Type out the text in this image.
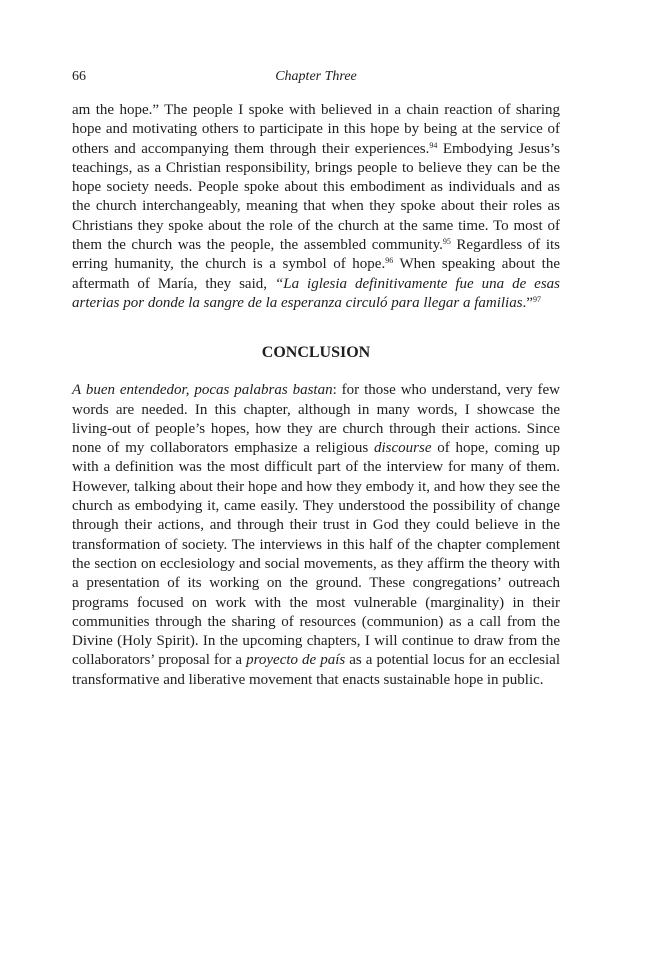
66	Chapter Three

am the hope.” The people I spoke with believed in a chain reaction of sharing hope and motivating others to participate in this hope by being at the service of others and accompanying them through their experiences.$^{94}$ Embodying Jesus’s teachings, as a Christian responsibility, brings people to believe they can be the hope society needs. People spoke about this embodiment as individuals and as the church interchangeably, meaning that when they spoke about their roles as Christians they spoke about the role of the church at the same time. To most of them the church was the people, the assembled community.$^{95}$ Regardless of its erring humanity, the church is a symbol of hope.$^{96}$ When speaking about the aftermath of María, they said, “La iglesia definitivamente fue una de esas arterias por donde la sangre de la esperanza circuló para llegar a familias.”$^{97}$

CONCLUSION

A buen entendedor, pocas palabras bastan: for those who understand, very few words are needed. In this chapter, although in many words, I showcase the living-out of people’s hopes, how they are church through their actions. Since none of my collaborators emphasize a religious discourse of hope, coming up with a definition was the most difficult part of the interview for many of them. However, talking about their hope and how they embody it, and how they see the church as embodying it, came easily. They understood the possibility of change through their actions, and through their trust in God they could believe in the transformation of society. The interviews in this half of the chapter complement the section on ecclesiology and social movements, as they affirm the theory with a presentation of its working on the ground. These congregations’ outreach programs focused on work with the most vulnerable (marginality) in their communities through the sharing of resources (communion) as a call from the Divine (Holy Spirit). In the upcoming chapters, I will continue to draw from the collaborators’ proposal for a proyecto de país as a potential locus for an ecclesial transformative and liberative movement that enacts sustainable hope in public.
